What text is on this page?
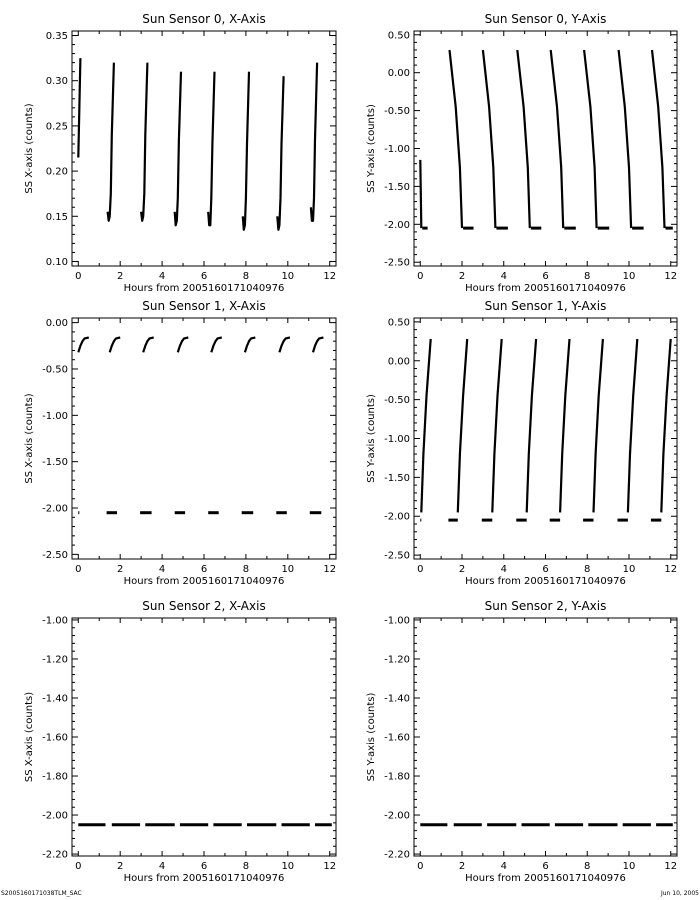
Sun Sensor 0, X-Axis
Hours from 2005160171040976
SS X-axis (counts)
0	2	4	6	8	10	12
0.10
0.15
0.20
0.25
0.30
0.35
Sun Sensor 0, Y-Axis
Hours from 2005160171040976
SS Y-axis (counts)
0	2	4	6	8	10	12
-2.50
-2.00
-1.50
-1.00
-0.50
0.00
0.50
Sun Sensor 1, X-Axis
Hours from 2005160171040976
SS X-axis (counts)
0	2	4	6	8	10	12
-2.50
-2.00
-1.50
-1.00
-0.50
0.00
Sun Sensor 1, Y-Axis
Hours from 2005160171040976
SS Y-axis (counts)
0	2	4	6	8	10	12
-2.50
-2.00
-1.50
-1.00
-0.50
0.00
0.50
Sun Sensor 2, X-Axis
Hours from 2005160171040976
SS X-axis (counts)
0	2	4	6	8	10	12
-2.20
-2.00
-1.80
-1.60
-1.40
-1.20
-1.00
Sun Sensor 2, Y-Axis
Hours from 2005160171040976
SS Y-axis (counts)
0	2	4	6	8	10	12
-2.20
-2.00
-1.80
-1.60
-1.40
-1.20
-1.00
S2005160171038TLM_SAC	Jun 10, 2005
